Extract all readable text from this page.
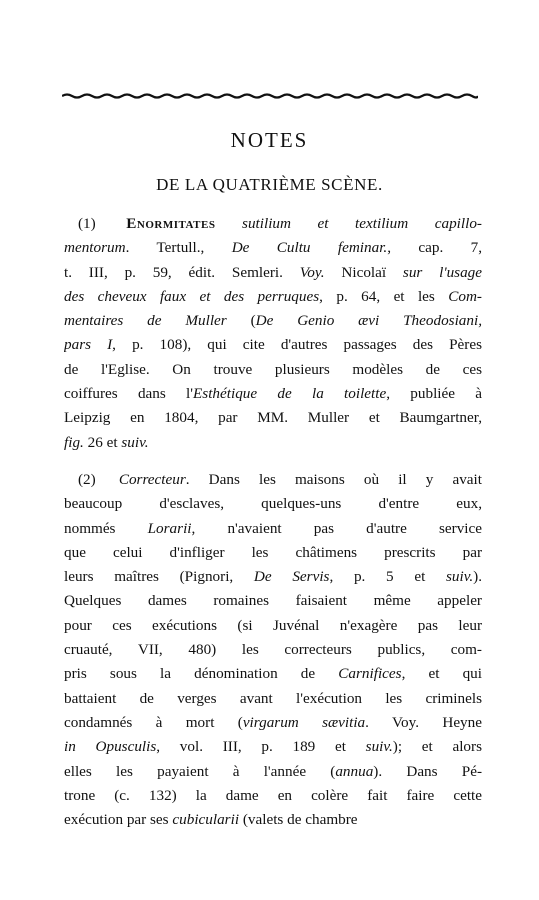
NOTES
DE LA QUATRIÈME SCÈNE.
(1) Enormitates sutilium et textilium capillo-
mentorum. Tertull., De Cultu feminar., cap. 7,
t. III, p. 59, édit. Semleri. Voy. Nicolaï sur l'usage
des cheveux faux et des perruques, p. 64, et les Com-
mentaires de Muller (De Genio ævi Theodosiani,
pars I, p. 108), qui cite d'autres passages des Pères
de l'Eglise. On trouve plusieurs modèles de ces
coiffures dans l'Esthétique de la toilette, publiée à
Leipzig en 1804, par MM. Muller et Baumgartner,
fig. 26 et suiv.
(2) Correcteur. Dans les maisons où il y avait
beaucoup d'esclaves, quelques-uns d'entre eux,
nommés Lorarii, n'avaient pas d'autre service
que celui d'infliger les châtimens prescrits par
leurs maîtres (Pignori, De Servis, p. 5 et suiv.).
Quelques dames romaines faisaient même appeler
pour ces exécutions (si Juvénal n'exagère pas leur
cruauté, VII, 480) les correcteurs publics, com-
pris sous la dénomination de Carnifices, et qui
battaient de verges avant l'exécution les criminels
condamnés à mort (virgarum sævitia. Voy. Heyne
in Opusculis, vol. III, p. 189 et suiv.); et alors
elles les payaient à l'année (annua). Dans Pé-
trone (c. 132) la dame en colère fait faire cette
exécution par ses cubicularii (valets de chambre
